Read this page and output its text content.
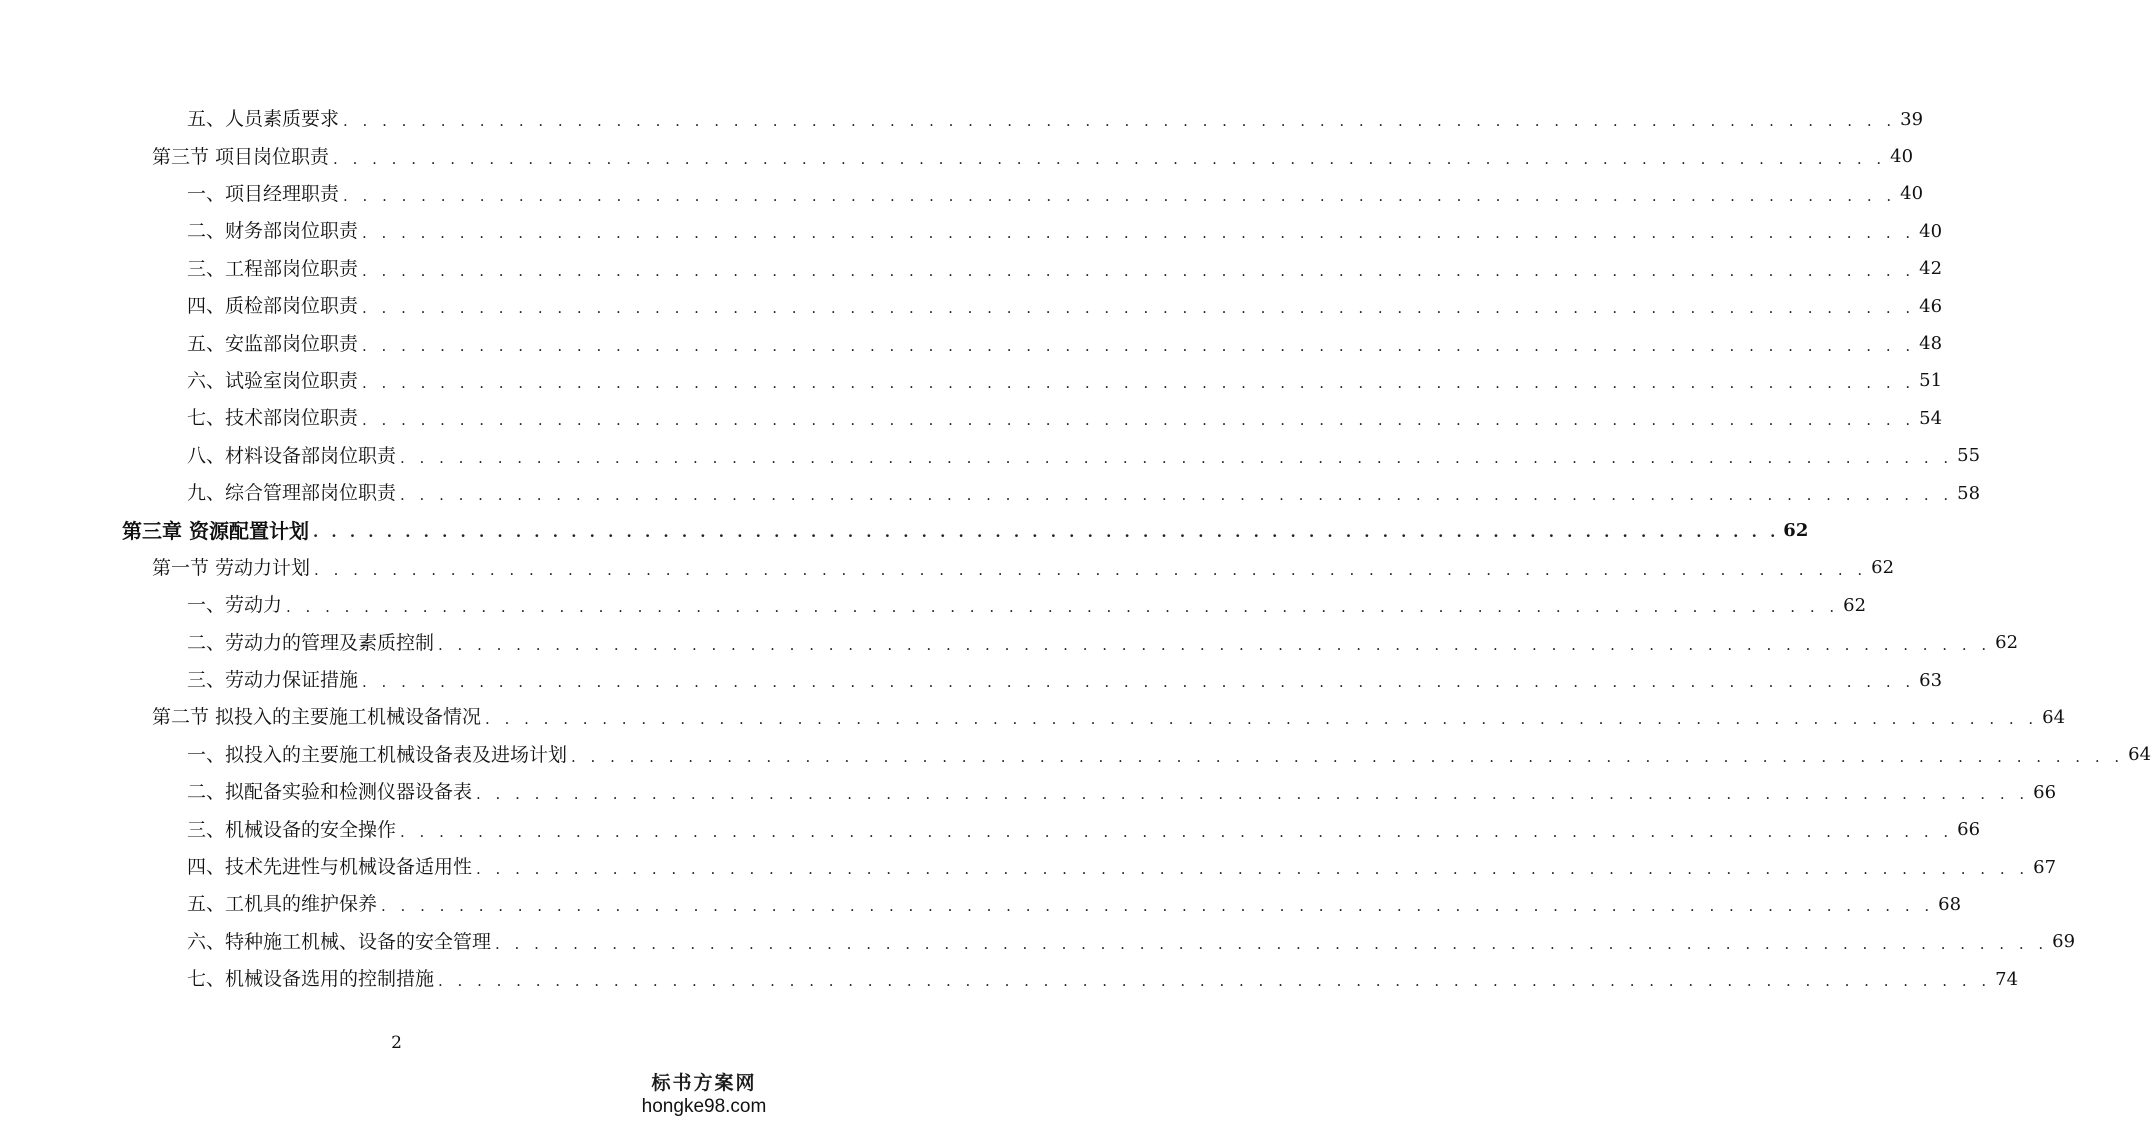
五、人员素质要求 . . . . . . . . . . . . . . . . . . . . . . . . . . . . . . . . . . . . . . . . . . . . . . . . . . . . . . . . . . . . . . . . . . . . . . . . . . . . . . . . 39
第三节 项目岗位职责 . . . . . . . . . . . . . . . . . . . . . . . . . . . . . . . . . . . . . . . . . . . . . . . . . . . . . . . . . . . . . . . . . . . . . . . . . . . . . . . . 40
一、项目经理职责 . . . . . . . . . . . . . . . . . . . . . . . . . . . . . . . . . . . . . . . . . . . . . . . . . . . . . . . . . . . . . . . . . . . . . . . . . . . . . . . . 40
二、财务部岗位职责 . . . . . . . . . . . . . . . . . . . . . . . . . . . . . . . . . . . . . . . . . . . . . . . . . . . . . . . . . . . . . . . . . . . . . . . . . . . . . . . . 40
三、工程部岗位职责 . . . . . . . . . . . . . . . . . . . . . . . . . . . . . . . . . . . . . . . . . . . . . . . . . . . . . . . . . . . . . . . . . . . . . . . . . . . . . . . . 42
四、质检部岗位职责 . . . . . . . . . . . . . . . . . . . . . . . . . . . . . . . . . . . . . . . . . . . . . . . . . . . . . . . . . . . . . . . . . . . . . . . . . . . . . . . . 46
五、安监部岗位职责 . . . . . . . . . . . . . . . . . . . . . . . . . . . . . . . . . . . . . . . . . . . . . . . . . . . . . . . . . . . . . . . . . . . . . . . . . . . . . . . . 48
六、试验室岗位职责 . . . . . . . . . . . . . . . . . . . . . . . . . . . . . . . . . . . . . . . . . . . . . . . . . . . . . . . . . . . . . . . . . . . . . . . . . . . . . . . . 51
七、技术部岗位职责 . . . . . . . . . . . . . . . . . . . . . . . . . . . . . . . . . . . . . . . . . . . . . . . . . . . . . . . . . . . . . . . . . . . . . . . . . . . . . . . . 54
八、材料设备部岗位职责 . . . . . . . . . . . . . . . . . . . . . . . . . . . . . . . . . . . . . . . . . . . . . . . . . . . . . . . . . . . . . . . . . . . . . . . . . . . . . . . . 55
九、综合管理部岗位职责 . . . . . . . . . . . . . . . . . . . . . . . . . . . . . . . . . . . . . . . . . . . . . . . . . . . . . . . . . . . . . . . . . . . . . . . . . . . . . . . . 58
第三章 资源配置计划 . . . . . . . . . . . . . . . . . . . . . . . . . . . . . . . . . . . . . . . . . . . . . . . . . . . . . . . . . . . . . . . . . . . . . . . . . . . . . . . . 62
第一节 劳动力计划 . . . . . . . . . . . . . . . . . . . . . . . . . . . . . . . . . . . . . . . . . . . . . . . . . . . . . . . . . . . . . . . . . . . . . . . . . . . . . . . . 62
一、劳动力 . . . . . . . . . . . . . . . . . . . . . . . . . . . . . . . . . . . . . . . . . . . . . . . . . . . . . . . . . . . . . . . . . . . . . . . . . . . . . . . . 62
二、劳动力的管理及素质控制 . . . . . . . . . . . . . . . . . . . . . . . . . . . . . . . . . . . . . . . . . . . . . . . . . . . . . . . . . . . . . . . . . . . . . . . . . . . . . . . . 62
三、劳动力保证措施 . . . . . . . . . . . . . . . . . . . . . . . . . . . . . . . . . . . . . . . . . . . . . . . . . . . . . . . . . . . . . . . . . . . . . . . . . . . . . . . . 63
第二节 拟投入的主要施工机械设备情况 . . . . . . . . . . . . . . . . . . . . . . . . . . . . . . . . . . . . . . . . . . . . . . . . . . . . . . . . . . . . . . . . . . . . . . . . . . . . . . . . 64
一、拟投入的主要施工机械设备表及进场计划 . . . . . . . . . . . . . . . . . . . . . . . . . . . . . . . . . . . . . . . . . . . . . . . . . . . . . . . . . . . . . . . . . . . . . . . . . . . . . . . . 64
二、拟配备实验和检测仪器设备表 . . . . . . . . . . . . . . . . . . . . . . . . . . . . . . . . . . . . . . . . . . . . . . . . . . . . . . . . . . . . . . . . . . . . . . . . . . . . . . . . 66
三、机械设备的安全操作 . . . . . . . . . . . . . . . . . . . . . . . . . . . . . . . . . . . . . . . . . . . . . . . . . . . . . . . . . . . . . . . . . . . . . . . . . . . . . . . . 66
四、技术先进性与机械设备适用性 . . . . . . . . . . . . . . . . . . . . . . . . . . . . . . . . . . . . . . . . . . . . . . . . . . . . . . . . . . . . . . . . . . . . . . . . . . . . . . . . 67
五、工机具的维护保养 . . . . . . . . . . . . . . . . . . . . . . . . . . . . . . . . . . . . . . . . . . . . . . . . . . . . . . . . . . . . . . . . . . . . . . . . . . . . . . . . 68
六、特种施工机械、设备的安全管理 . . . . . . . . . . . . . . . . . . . . . . . . . . . . . . . . . . . . . . . . . . . . . . . . . . . . . . . . . . . . . . . . . . . . . . . . . . . . . . . . 69
七、机械设备选用的控制措施 . . . . . . . . . . . . . . . . . . . . . . . . . . . . . . . . . . . . . . . . . . . . . . . . . . . . . . . . . . . . . . . . . . . . . . . . . . . . . . . . 74
2
标书方案网
hongke98.com
